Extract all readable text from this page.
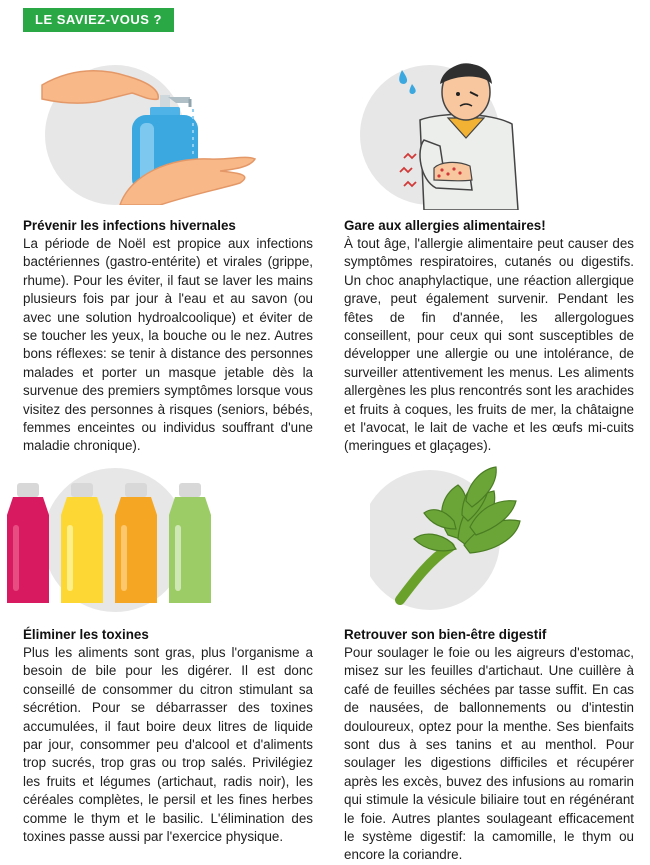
LE SAVIEZ-VOUS ?
Prévenir les infections hivernales

La période de Noël est propice aux infections bactériennes (gastro-entérite) et virales (grippe, rhume). Pour les éviter, il faut se laver les mains plusieurs fois par jour à l'eau et au savon (ou avec une solution hydroalcoolique) et éviter de se toucher les yeux, la bouche ou le nez. Autres bons réflexes: se tenir à distance des personnes malades et porter un masque jetable dès la survenue des premiers symptômes lorsque vous visitez des personnes à risques (seniors, bébés, femmes enceintes ou individus souffrant d'une maladie chronique).

Gare aux allergies alimentaires!

À tout âge, l'allergie alimentaire peut causer des symptômes respiratoires, cutanés ou digestifs. Un choc anaphylactique, une réaction allergique grave, peut également survenir. Pendant les fêtes de fin d'année, les allergologues conseillent, pour ceux qui sont susceptibles de développer une allergie ou une intolérance, de surveiller attentivement les menus. Les aliments allergènes les plus rencontrés sont les arachides et fruits à coques, les fruits de mer, la châtaigne et l'avocat, le lait de vache et les œufs mi-cuits (meringues et glaçages).

Éliminer les toxines

Plus les aliments sont gras, plus l'organisme a besoin de bile pour les digérer. Il est donc conseillé de consommer du citron stimulant sa sécrétion. Pour se débarrasser des toxines accumulées, il faut boire deux litres de liquide par jour, consommer peu d'alcool et d'aliments trop sucrés, trop gras ou trop salés. Privilégiez les fruits et légumes (artichaut, radis noir), les céréales complètes, le persil et les fines herbes comme le thym et le basilic. L'élimination des toxines passe aussi par l'exercice physique.

Retrouver son bien-être digestif

Pour soulager le foie ou les aigreurs d'estomac, misez sur les feuilles d'artichaut. Une cuillère à café de feuilles séchées par tasse suffit. En cas de nausées, de ballonnements ou d'intestin douloureux, optez pour la menthe. Ses bienfaits sont dus à ses tanins et au menthol. Pour soulager les digestions difficiles et récupérer après les excès, buvez des infusions au romarin qui stimule la vésicule biliaire tout en régénérant le foie. Autres plantes soulageant efficacement le système digestif: la camomille, le thym ou encore la coriandre.
